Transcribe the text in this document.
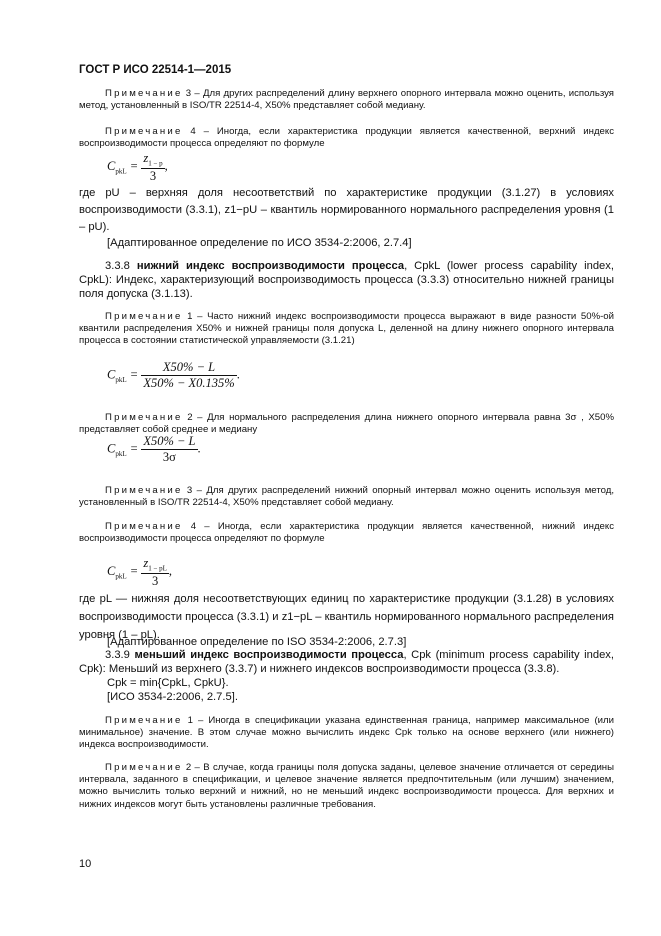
ГОСТ Р ИСО 22514-1—2015
Примечание 3 – Для других распределений длину верхнего опорного интервала можно оценить, используя метод, установленный в ISO/TR 22514-4, X50% представляет собой медиану.
Примечание 4 – Иногда, если характеристика продукции является качественной, верхний индекс воспроизводимости процесса определяют по формуле
$C_{pkL} = \frac{z_{1 - p}}{3}$ ,
где pU – верхняя доля несоответствий по характеристике продукции (3.1.27) в условиях воспроизводимости (3.3.1), z1−pU – квантиль нормированного нормального распределения уровня (1 – pU).
[Адаптированное определение по ИСО 3534-2:2006, 2.7.4]
3.3.8 нижний индекс воспроизводимости процесса, CpkL (lower process capability index, CpkL): Индекс, характеризующий воспроизводимость процесса (3.3.3) относительно нижней границы поля допуска (3.1.13).
Примечание 1 – Часто нижний индекс воспроизводимости процесса выражают в виде разности 50%-ой квантили распределения X50% и нижней границы поля допуска L, деленной на длину нижнего опорного интервала процесса в состоянии статистической управляемости (3.1.21)
$C_{pkL} = \frac{X50\% - L}{X50\% - X0.135\%}$ .
Примечание 2 – Для нормального распределения длина нижнего опорного интервала равна 3σ , X50% представляет собой среднее и медиану
$C_{pkL} = \frac{X50\% - L}{3\sigma}$ .
Примечание 3 – Для других распределений нижний опорный интервал можно оценить используя метод, установленный в ISO/TR 22514-4, X50% представляет собой медиану.
Примечание 4 – Иногда, если характеристика продукции является качественной, нижний индекс воспроизводимости процесса определяют по формуле
$C_{pkL} = \frac{z_{1 - pL}}{3}$ ,
где pL — нижняя доля несоответствующих единиц по характеристике продукции (3.1.28) в условиях воспроизводимости процесса (3.3.1) и z1−pL – квантиль нормированного нормального распределения уровня (1 – pL).
[Адаптированное определение по ISO 3534-2:2006, 2.7.3]
3.3.9 меньший индекс воспроизводимости процесса, Cpk (minimum process capability index, Cpk): Меньший из верхнего (3.3.7) и нижнего индексов воспроизводимости процесса (3.3.8).
Cpk = min{CpkL, CpkU}.
[ИСО 3534-2:2006, 2.7.5].
Примечание 1 – Иногда в спецификации указана единственная граница, например максимальное (или минимальное) значение. В этом случае можно вычислить индекс Cpk только на основе верхнего (или нижнего) индекса воспроизводимости.
Примечание 2 – В случае, когда границы поля допуска заданы, целевое значение отличается от середины интервала, заданного в спецификации, и целевое значение является предпочтительным (или лучшим) значением, можно вычислить только верхний и нижний, но не меньший индекс воспроизводимости процесса. Для верхних и нижних индексов могут быть установлены различные требования.
10
